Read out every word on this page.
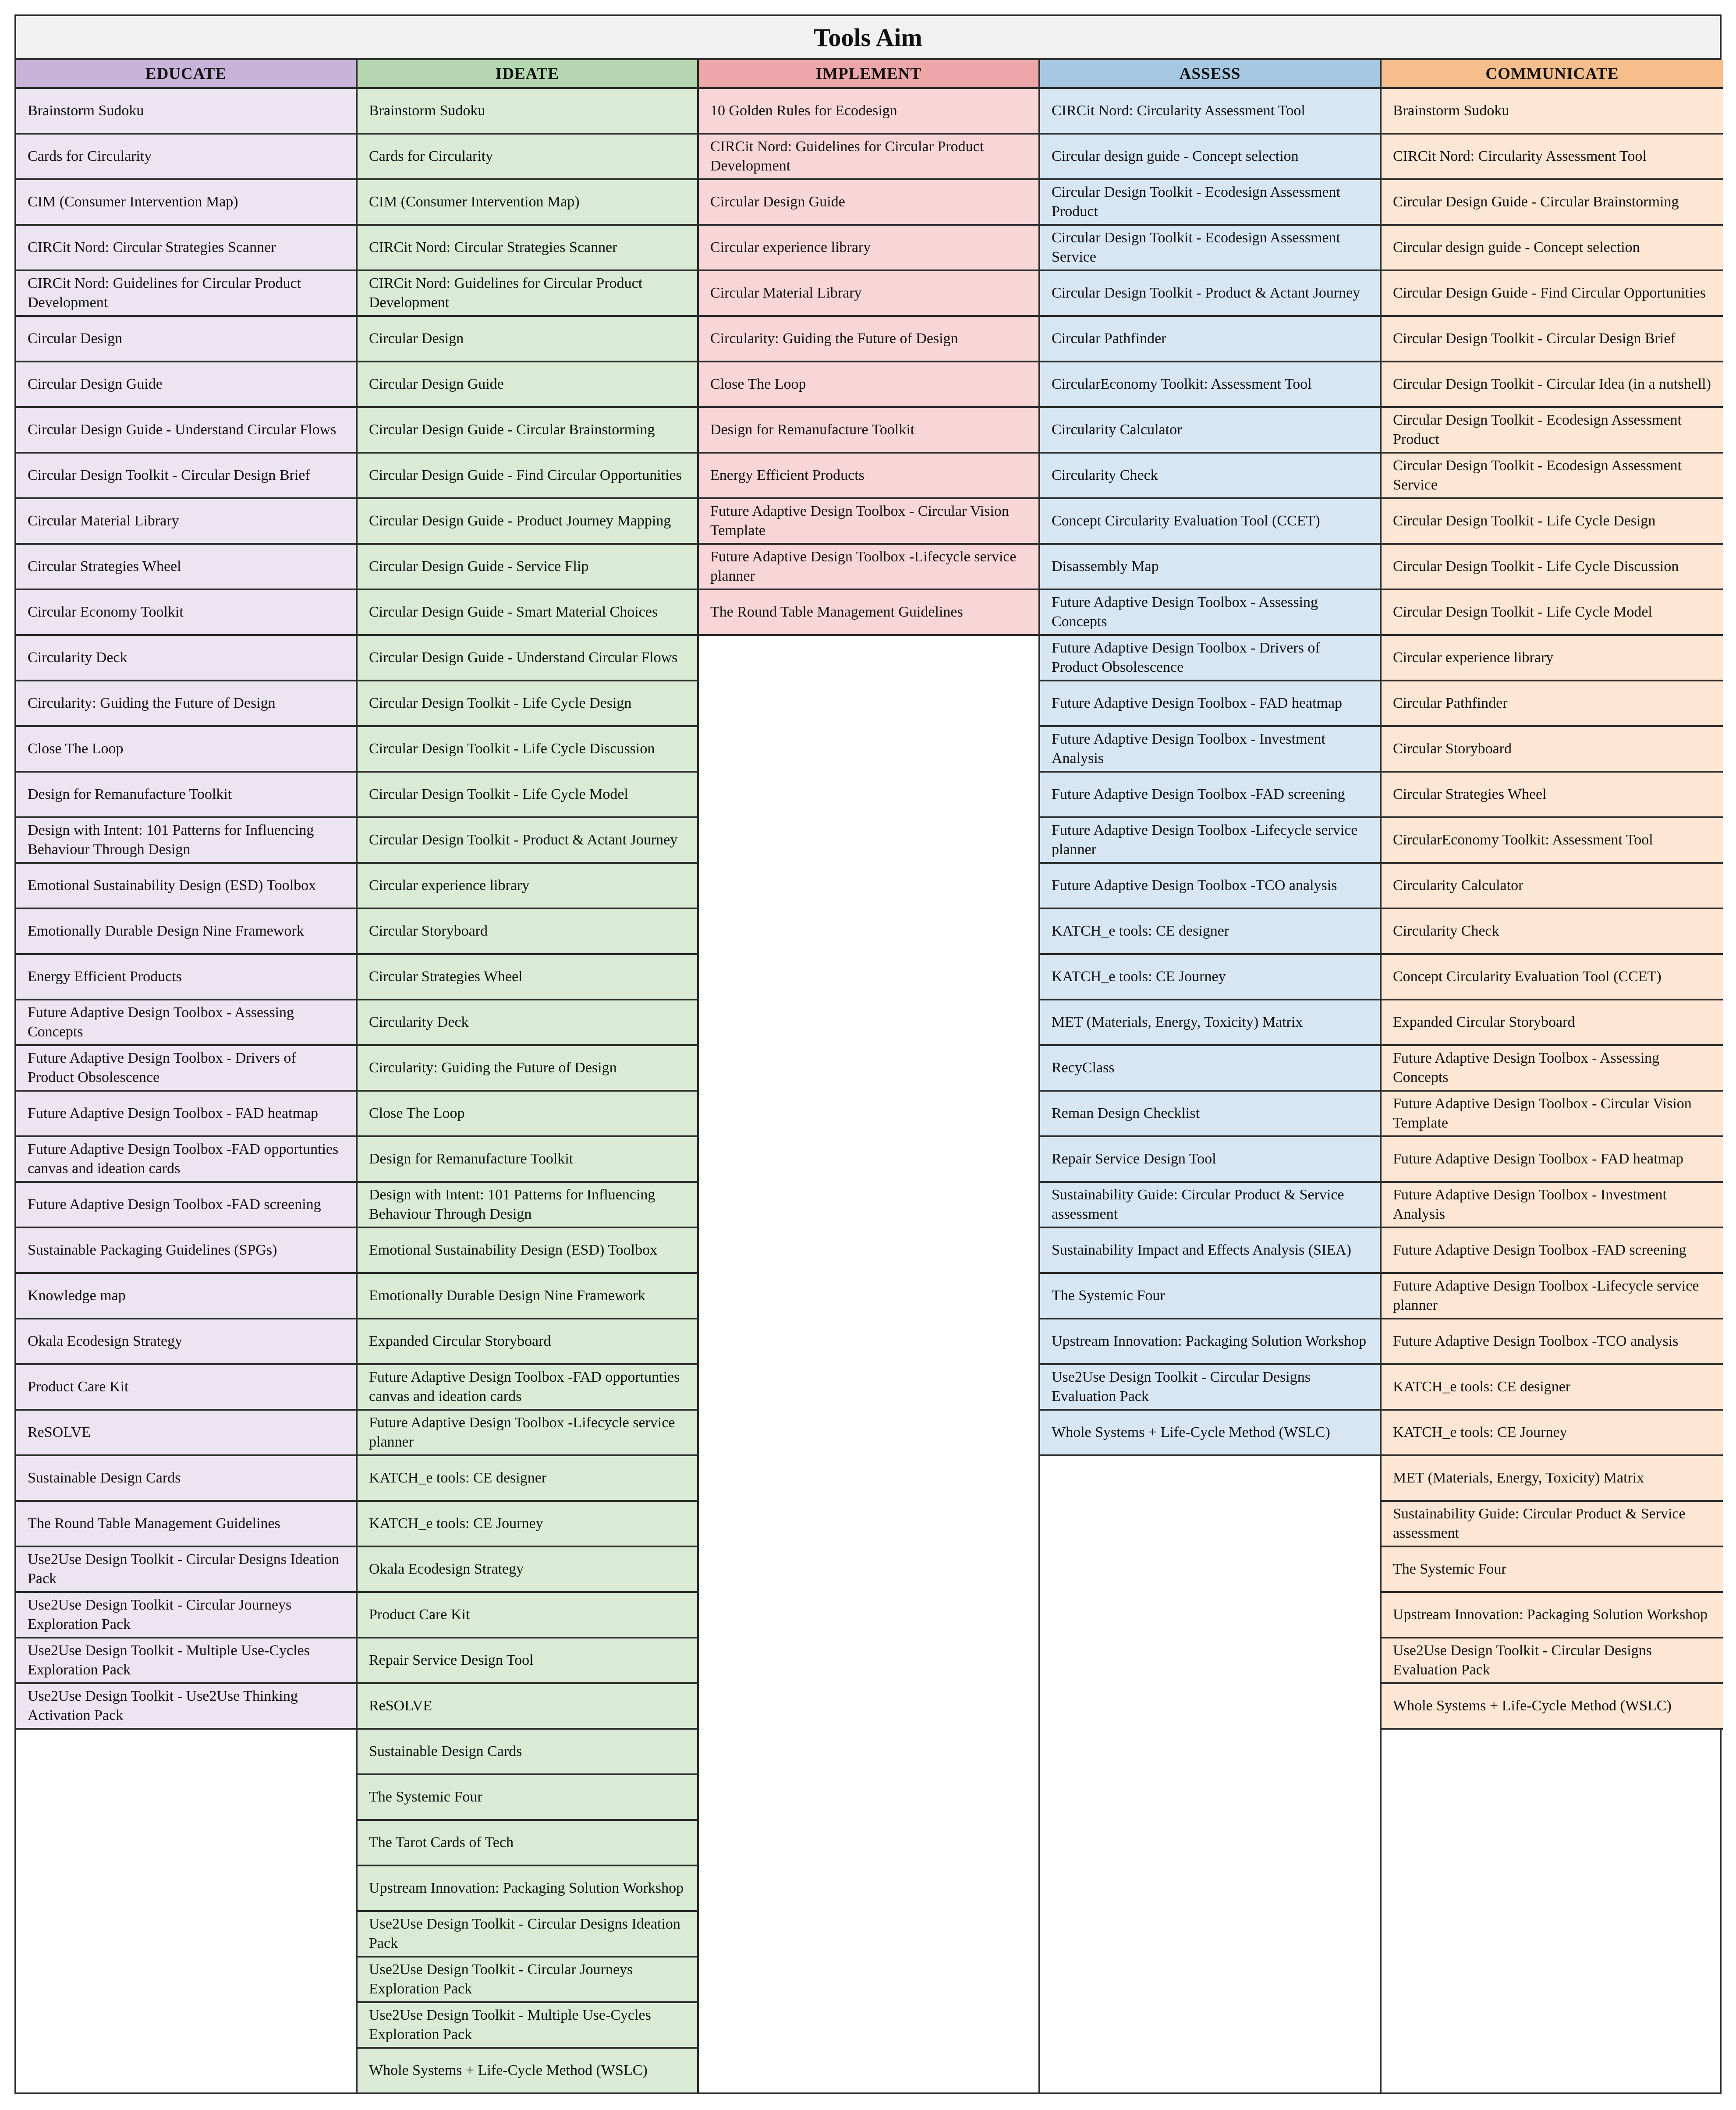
Tools Aim
EDUCATE
Brainstorm Sudoku
Cards for Circularity
CIM (Consumer Intervention Map)
CIRCit Nord: Circular Strategies Scanner
CIRCit Nord: Guidelines for Circular Product Development
Circular Design
Circular Design Guide
Circular Design Guide - Understand Circular Flows
Circular Design Toolkit - Circular Design Brief
Circular Material Library
Circular Strategies Wheel
Circular Economy Toolkit
Circularity Deck
Circularity: Guiding the Future of Design
Close The Loop
Design for Remanufacture Toolkit
Design with Intent: 101 Patterns for Influencing Behaviour Through Design
Emotional Sustainability Design (ESD) Toolbox
Emotionally Durable Design Nine Framework
Energy Efficient Products
Future Adaptive Design Toolbox - Assessing Concepts
Future Adaptive Design Toolbox - Drivers of Product Obsolescence
Future Adaptive Design Toolbox - FAD heatmap
Future Adaptive Design Toolbox -FAD opportunties canvas and ideation cards
Future Adaptive Design Toolbox -FAD screening
Sustainable Packaging Guidelines (SPGs)
Knowledge map
Okala Ecodesign Strategy
Product Care Kit
ReSOLVE
Sustainable Design Cards
The Round Table Management Guidelines
Use2Use Design Toolkit - Circular Designs Ideation Pack
Use2Use Design Toolkit - Circular Journeys Exploration Pack
Use2Use Design Toolkit - Multiple Use-Cycles Exploration Pack
Use2Use Design Toolkit - Use2Use Thinking Activation Pack
IDEATE
Brainstorm Sudoku
Cards for Circularity
CIM (Consumer Intervention Map)
CIRCit Nord: Circular Strategies Scanner
CIRCit Nord: Guidelines for Circular Product Development
Circular Design
Circular Design Guide
Circular Design Guide - Circular Brainstorming
Circular Design Guide - Find Circular Opportunities
Circular Design Guide - Product Journey Mapping
Circular Design Guide - Service Flip
Circular Design Guide - Smart Material Choices
Circular Design Guide - Understand Circular Flows
Circular Design Toolkit - Life Cycle Design
Circular Design Toolkit - Life Cycle Discussion
Circular Design Toolkit - Life Cycle Model
Circular Design Toolkit - Product & Actant Journey
Circular experience library
Circular Storyboard
Circular Strategies Wheel
Circularity Deck
Circularity: Guiding the Future of Design
Close The Loop
Design for Remanufacture Toolkit
Design with Intent: 101 Patterns for Influencing Behaviour Through Design
Emotional Sustainability Design (ESD) Toolbox
Emotionally Durable Design Nine Framework
Expanded Circular Storyboard
Future Adaptive Design Toolbox -FAD opportunties canvas and ideation cards
Future Adaptive Design Toolbox -Lifecycle service planner
KATCH_e tools: CE designer
KATCH_e tools: CE Journey
Okala Ecodesign Strategy
Product Care Kit
Repair Service Design Tool
ReSOLVE
Sustainable Design Cards
The Systemic Four
The Tarot Cards of Tech
Upstream Innovation: Packaging Solution Workshop
Use2Use Design Toolkit - Circular Designs Ideation Pack
Use2Use Design Toolkit - Circular Journeys Exploration Pack
Use2Use Design Toolkit - Multiple Use-Cycles Exploration Pack
Whole Systems + Life-Cycle Method (WSLC)
IMPLEMENT
10 Golden Rules for Ecodesign
CIRCit Nord: Guidelines for Circular Product Development
Circular Design Guide
Circular experience library
Circular Material Library
Circularity: Guiding the Future of Design
Close The Loop
Design for Remanufacture Toolkit
Energy Efficient Products
Future Adaptive Design Toolbox - Circular Vision Template
Future Adaptive Design Toolbox -Lifecycle service planner
The Round Table Management Guidelines
ASSESS
CIRCit Nord: Circularity Assessment Tool
Circular design guide - Concept selection
Circular Design Toolkit - Ecodesign Assessment Product
Circular Design Toolkit - Ecodesign Assessment Service
Circular Design Toolkit - Product & Actant Journey
Circular Pathfinder
CircularEconomy Toolkit: Assessment Tool
Circularity Calculator
Circularity Check
Concept Circularity Evaluation Tool (CCET)
Disassembly Map
Future Adaptive Design Toolbox - Assessing Concepts
Future Adaptive Design Toolbox - Drivers of Product Obsolescence
Future Adaptive Design Toolbox - FAD heatmap
Future Adaptive Design Toolbox - Investment Analysis
Future Adaptive Design Toolbox -FAD screening
Future Adaptive Design Toolbox -Lifecycle service planner
Future Adaptive Design Toolbox -TCO analysis
KATCH_e tools: CE designer
KATCH_e tools: CE Journey
MET (Materials, Energy, Toxicity) Matrix
RecyClass
Reman Design Checklist
Repair Service Design Tool
Sustainability Guide: Circular Product & Service assessment
Sustainability Impact and Effects Analysis (SIEA)
The Systemic Four
Upstream Innovation: Packaging Solution Workshop
Use2Use Design Toolkit - Circular Designs Evaluation Pack
Whole Systems + Life-Cycle Method (WSLC)
COMMUNICATE
Brainstorm Sudoku
CIRCit Nord: Circularity Assessment Tool
Circular Design Guide - Circular Brainstorming
Circular design guide - Concept selection
Circular Design Guide - Find Circular Opportunities
Circular Design Toolkit - Circular Design Brief
Circular Design Toolkit - Circular Idea (in a nutshell)
Circular Design Toolkit - Ecodesign Assessment Product
Circular Design Toolkit - Ecodesign Assessment Service
Circular Design Toolkit - Life Cycle Design
Circular Design Toolkit - Life Cycle Discussion
Circular Design Toolkit - Life Cycle Model
Circular experience library
Circular Pathfinder
Circular Storyboard
Circular Strategies Wheel
CircularEconomy Toolkit: Assessment Tool
Circularity Calculator
Circularity Check
Concept Circularity Evaluation Tool (CCET)
Expanded Circular Storyboard
Future Adaptive Design Toolbox - Assessing Concepts
Future Adaptive Design Toolbox - Circular Vision Template
Future Adaptive Design Toolbox - FAD heatmap
Future Adaptive Design Toolbox - Investment Analysis
Future Adaptive Design Toolbox -FAD screening
Future Adaptive Design Toolbox -Lifecycle service planner
Future Adaptive Design Toolbox -TCO analysis
KATCH_e tools: CE designer
KATCH_e tools: CE Journey
MET (Materials, Energy, Toxicity) Matrix
Sustainability Guide: Circular Product & Service assessment
The Systemic Four
Upstream Innovation: Packaging Solution Workshop
Use2Use Design Toolkit - Circular Designs Evaluation Pack
Whole Systems + Life-Cycle Method (WSLC)
